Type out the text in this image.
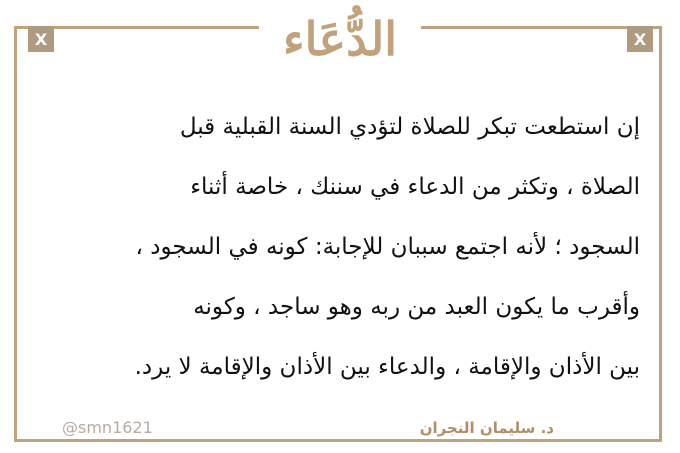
X	X
الدُّعَاء
إن استطعت تبكر للصلاة لتؤدي السنة القبلية قبل
الصلاة ، وتكثر من الدعاء في سننك ، خاصة أثناء
السجود ؛ لأنه اجتمع سببان للإجابة: كونه في السجود ،
وأقرب ما يكون العبد من ربه وهو ساجد ، وكونه
بين الأذان والإقامة ، والدعاء بين الأذان والإقامة لا يرد.
@smn1621	د. سليمان النجران
